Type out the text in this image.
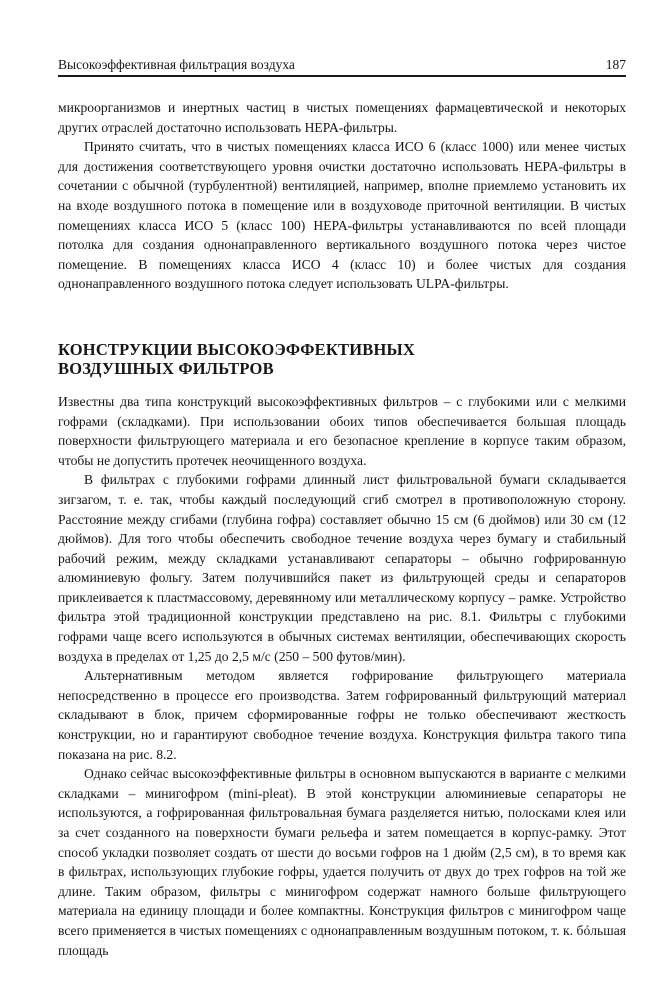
Высокоэффективная фильтрация воздуха	187

микроорганизмов и инертных частиц в чистых помещениях фармацевтической и некоторых других отраслей достаточно использовать HEPA-фильтры.

Принято считать, что в чистых помещениях класса ИСО 6 (класс 1000) или менее чистых для достижения соответствующего уровня очистки достаточно использовать HEPA-фильтры в сочетании с обычной (турбулентной) вентиляцией, например, вполне приемлемо установить их на входе воздушного потока в помещение или в воздуховоде приточной вентиляции. В чистых помещениях класса ИСО 5 (класс 100) HEPA-фильтры устанавливаются по всей площади потолка для создания однонаправленного вертикального воздушного потока через чистое помещение. В помещениях класса ИСО 4 (класс 10) и более чистых для создания однонаправленного воздушного потока следует использовать ULPA-фильтры.

КОНСТРУКЦИИ ВЫСОКОЭФФЕКТИВНЫХ
ВОЗДУШНЫХ ФИЛЬТРОВ

Известны два типа конструкций высокоэффективных фильтров – с глубокими или с мелкими гофрами (складками). При использовании обоих типов обеспечивается большая площадь поверхности фильтрующего материала и его безопасное крепление в корпусе таким образом, чтобы не допустить протечек неочищенного воздуха.

В фильтрах с глубокими гофрами длинный лист фильтровальной бумаги складывается зигзагом, т. е. так, чтобы каждый последующий сгиб смотрел в противоположную сторону. Расстояние между сгибами (глубина гофра) составляет обычно 15 см (6 дюймов) или 30 см (12 дюймов). Для того чтобы обеспечить свободное течение воздуха через бумагу и стабильный рабочий режим, между складками устанавливают сепараторы – обычно гофрированную алюминиевую фольгу. Затем получившийся пакет из фильтрующей среды и сепараторов приклеивается к пластмассовому, деревянному или металлическому корпусу – рамке. Устройство фильтра этой традиционной конструкции представлено на рис. 8.1. Фильтры с глубокими гофрами чаще всего используются в обычных системах вентиляции, обеспечивающих скорость воздуха в пределах от 1,25 до 2,5 м/с (250 – 500 футов/мин).

Альтернативным методом является гофрирование фильтрующего материала непосредственно в процессе его производства. Затем гофрированный фильтрующий материал складывают в блок, причем сформированные гофры не только обеспечивают жесткость конструкции, но и гарантируют свободное течение воздуха. Конструкция фильтра такого типа показана на рис. 8.2.

Однако сейчас высокоэффективные фильтры в основном выпускаются в варианте с мелкими складками – минигофром (mini-pleat). В этой конструкции алюминиевые сепараторы не используются, а гофрированная фильтровальная бумага разделяется нитью, полосками клея или за счет созданного на поверхности бумаги рельефа и затем помещается в корпус-рамку. Этот способ укладки позволяет создать от шести до восьми гофров на 1 дюйм (2,5 см), в то время как в фильтрах, использующих глубокие гофры, удается получить от двух до трех гофров на той же длине. Таким образом, фильтры с минигофром содержат намного больше фильтрующего материала на единицу площади и более компактны. Конструкция фильтров с минигофром чаще всего применяется в чистых помещениях с однонаправленным воздушным потоком, т. к. бóльшая площадь
